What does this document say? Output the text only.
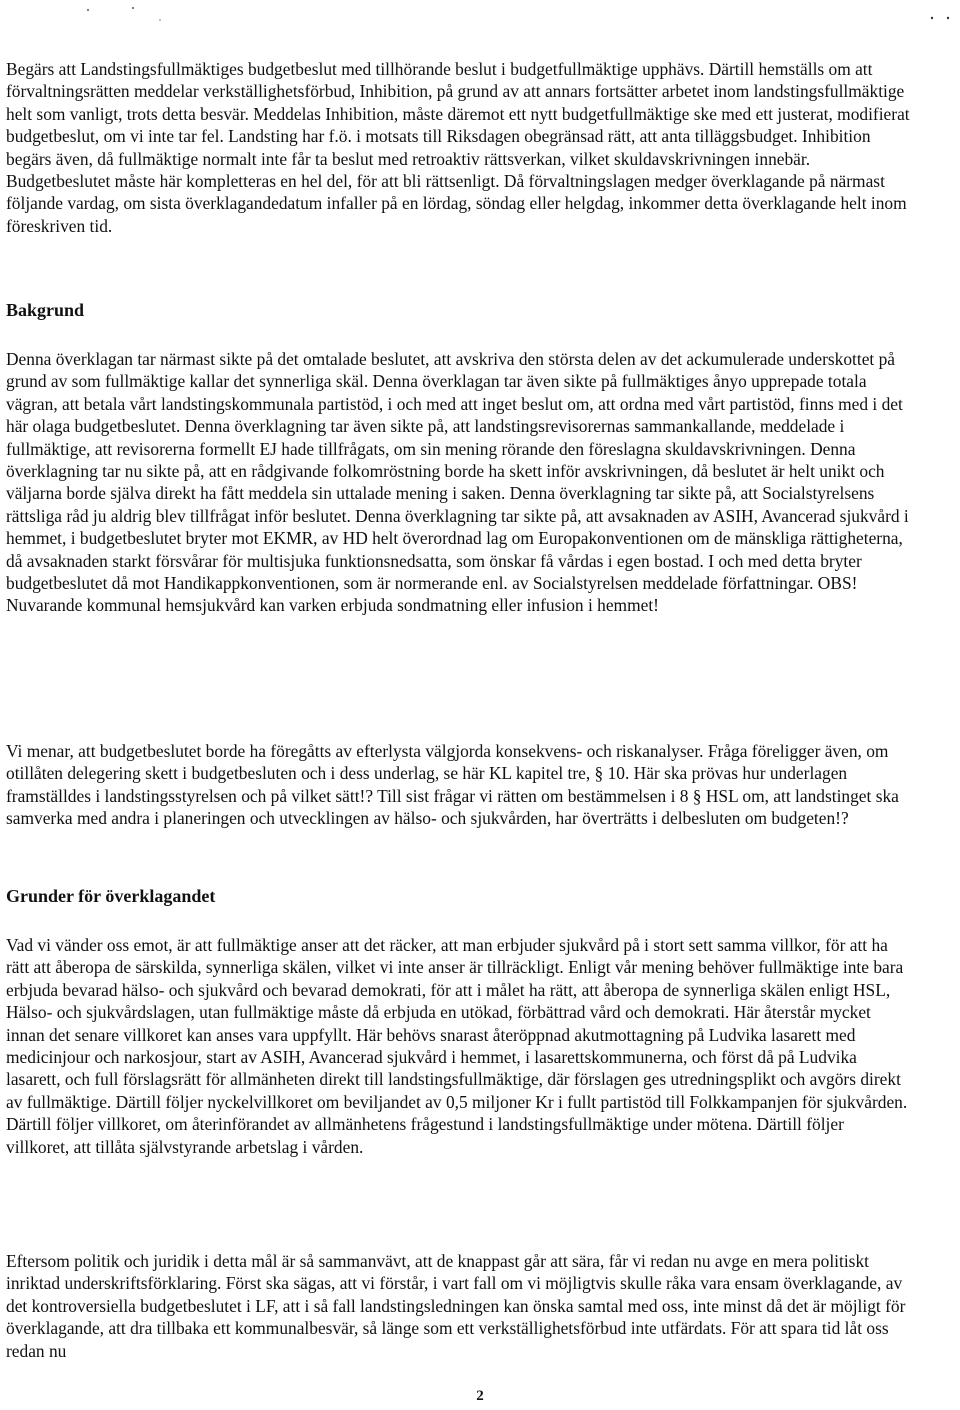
Begärs att Landstingsfullmäktiges budgetbeslut med tillhörande beslut i budgetfullmäktige upphävs. Därtill hemställs om att förvaltningsrätten meddelar verkställighetsförbud, Inhibition, på grund av att annars fortsätter arbetet inom landstingsfullmäktige helt som vanligt, trots detta besvär. Meddelas Inhibition, måste däremot ett nytt budgetfullmäktige ske med ett justerat, modifierat budgetbeslut, om vi inte tar fel. Landsting har f.ö. i motsats till Riksdagen obegränsad rätt, att anta tilläggsbudget. Inhibition begärs även, då fullmäktige normalt inte får ta beslut med retroaktiv rättsverkan, vilket skuldavskrivningen innebär. Budgetbeslutet måste här kompletteras en hel del, för att bli rättsenligt. Då förvaltningslagen medger överklagande på närmast följande vardag, om sista överklagandedatum infaller på en lördag, söndag eller helgdag, inkommer detta överklagande helt inom föreskriven tid.

Bakgrund

Denna överklagan tar närmast sikte på det omtalade beslutet, att avskriva den största delen av det ackumulerade underskottet på grund av som fullmäktige kallar det synnerliga skäl. Denna överklagan tar även sikte på fullmäktiges ånyo upprepade totala vägran, att betala vårt landstingskommunala partistöd, i och med att inget beslut om, att ordna med vårt partistöd, finns med i det här olaga budgetbeslutet. Denna överklagning tar även sikte på, att landstingsrevisorernas sammankallande, meddelade i fullmäktige, att revisorerna formellt EJ hade tillfrågats, om sin mening rörande den föreslagna skuldavskrivningen. Denna överklagning tar nu sikte på, att en rådgivande folkomröstning borde ha skett inför avskrivningen, då beslutet är helt unikt och väljarna borde själva direkt ha fått meddela sin uttalade mening i saken. Denna överklagning tar sikte på, att Socialstyrelsens rättsliga råd ju aldrig blev tillfrågat inför beslutet. Denna överklagning tar sikte på, att avsaknaden av ASIH, Avancerad sjukvård i hemmet, i budgetbeslutet bryter mot EKMR, av HD helt överordnad lag om Europakonventionen om de mänskliga rättigheterna, då avsaknaden starkt försvårar för multisjuka funktionsnedsatta, som önskar få vårdas i egen bostad. I och med detta bryter budgetbeslutet då mot Handikappkonventionen, som är normerande enl. av Socialstyrelsen meddelade författningar. OBS! Nuvarande kommunal hemsjukvård kan varken erbjuda sondmatning eller infusion i hemmet!

Vi menar, att budgetbeslutet borde ha föregåtts av efterlysta välgjorda konsekvens- och riskanalyser. Fråga föreligger även, om otillåten delegering skett i budgetbesluten och i dess underlag, se här KL kapitel tre, § 10. Här ska prövas hur underlagen framställdes i landstingsstyrelsen och på vilket sätt!? Till sist frågar vi rätten om bestämmelsen i 8 § HSL om, att landstinget ska samverka med andra i planeringen och utvecklingen av hälso- och sjukvården, har överträtts i delbesluten om budgeten!?

Grunder för överklagandet

Vad vi vänder oss emot, är att fullmäktige anser att det räcker, att man erbjuder sjukvård på i stort sett samma villkor, för att ha rätt att åberopa de särskilda, synnerliga skälen, vilket vi inte anser är tillräckligt. Enligt vår mening behöver fullmäktige inte bara erbjuda bevarad hälso- och sjukvård och bevarad demokrati, för att i målet ha rätt, att åberopa de synnerliga skälen enligt HSL, Hälso- och sjukvårdslagen, utan fullmäktige måste då erbjuda en utökad, förbättrad vård och demokrati. Här återstår mycket innan det senare villkoret kan anses vara uppfyllt. Här behövs snarast återöppnad akutmottagning på Ludvika lasarett med medicinjour och narkosjour, start av ASIH, Avancerad sjukvård i hemmet, i lasarettskommunerna, och först då på Ludvika lasarett, och full förslagsrätt för allmänheten direkt till landstingsfullmäktige, där förslagen ges utredningsplikt och avgörs direkt av fullmäktige. Därtill följer nyckelvillkoret om beviljandet av 0,5 miljoner Kr i fullt partistöd till Folkkampanjen för sjukvården. Därtill följer villkoret, om återinförandet av allmänhetens frågestund i landstingsfullmäktige under mötena. Därtill följer villkoret, att tillåta självstyrande arbetslag i vården.

Eftersom politik och juridik i detta mål är så sammanvävt, att de knappast går att sära, får vi redan nu avge en mera politiskt inriktad underskriftsförklaring. Först ska sägas, att vi förstår, i vart fall om vi möjligtvis skulle råka vara ensam överklagande, av det kontroversiella budgetbeslutet i LF, att i så fall landstingsledningen kan önska samtal med oss, inte minst då det är möjligt för överklagande, att dra tillbaka ett kommunalbesvär, så länge som ett verkställighetsförbud inte utfärdats. För att spara tid låt oss redan nu

2
